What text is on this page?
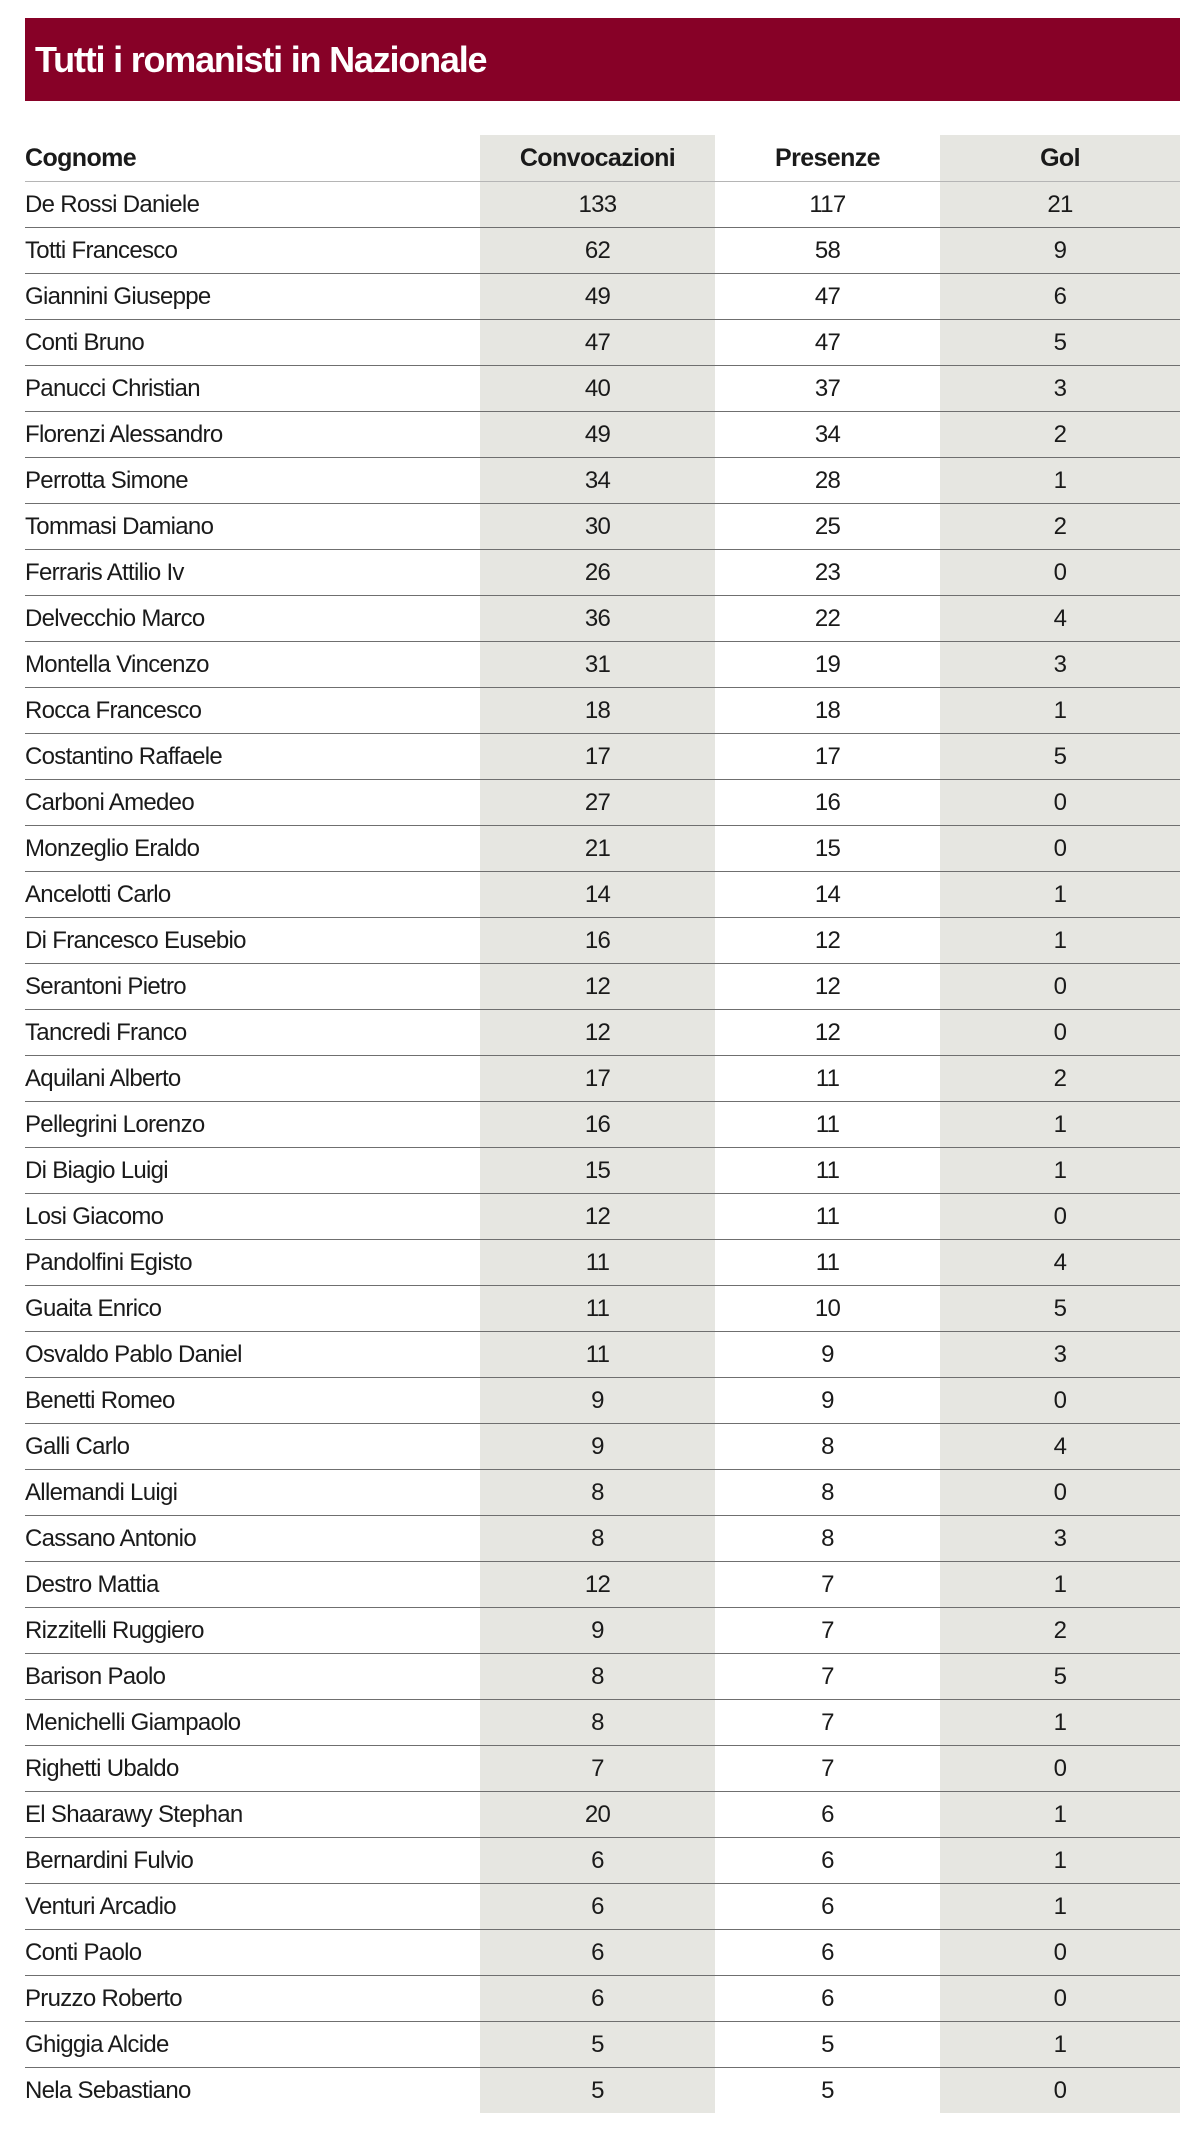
Tutti i romanisti in Nazionale
Cognome	Convocazioni	Presenze	Gol
De Rossi Daniele	133	117	21
Totti Francesco	62	58	9
Giannini Giuseppe	49	47	6
Conti Bruno	47	47	5
Panucci Christian	40	37	3
Florenzi Alessandro	49	34	2
Perrotta Simone	34	28	1
Tommasi Damiano	30	25	2
Ferraris Attilio Iv	26	23	0
Delvecchio Marco	36	22	4
Montella Vincenzo	31	19	3
Rocca Francesco	18	18	1
Costantino Raffaele	17	17	5
Carboni Amedeo	27	16	0
Monzeglio Eraldo	21	15	0
Ancelotti Carlo	14	14	1
Di Francesco Eusebio	16	12	1
Serantoni Pietro	12	12	0
Tancredi Franco	12	12	0
Aquilani Alberto	17	11	2
Pellegrini Lorenzo	16	11	1
Di Biagio Luigi	15	11	1
Losi Giacomo	12	11	0
Pandolfini Egisto	11	11	4
Guaita Enrico	11	10	5
Osvaldo Pablo Daniel	11	9	3
Benetti Romeo	9	9	0
Galli Carlo	9	8	4
Allemandi Luigi	8	8	0
Cassano Antonio	8	8	3
Destro Mattia	12	7	1
Rizzitelli Ruggiero	9	7	2
Barison Paolo	8	7	5
Menichelli Giampaolo	8	7	1
Righetti Ubaldo	7	7	0
El Shaarawy Stephan	20	6	1
Bernardini Fulvio	6	6	1
Venturi Arcadio	6	6	1
Conti Paolo	6	6	0
Pruzzo Roberto	6	6	0
Ghiggia Alcide	5	5	1
Nela Sebastiano	5	5	0
